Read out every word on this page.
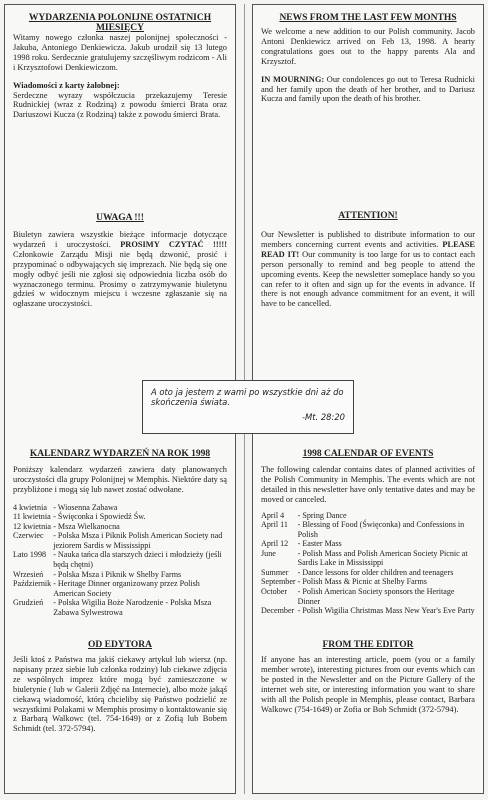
WYDARZENIA POLONIJNE OSTATNICH MIESIĘCY

Witamy nowego członka naszej polonijnej społeczności - Jakuba, Antoniego Denkiewicza. Jakub urodził się 13 lutego 1998 roku. Serdecznie gratulujemy szczęśliwym rodzicom - Ali i Krzysztofowi Denkiewiczom.

Wiadomości z karty żałobnej:

Serdeczne wyrazy współczucia przekazujemy Teresie Rudnickiej (wraz z Rodziną) z powodu śmierci Brata oraz Dariuszowi Kucza (z Rodziną) także z powodu śmierci Brata.

UWAGA !!!

Biuletyn zawiera wszystkie bieżące informacje dotyczące wydarzeń i uroczystości. PROSIMY CZYTAĆ !!!!! Członkowie Zarządu Misji nie będą dzwonić, prosić i przypominać o odbywających się imprezach. Nie będą się one mogły odbyć jeśli nie zgłosi się odpowiednia liczba osób do wyznaczonego terminu. Prosimy o zatrzymywanie biuletynu gdzieś w widocznym miejscu i wczesne zgłaszanie się na ogłaszane uroczystości.

KALENDARZ WYDARZEŃ NA ROK 1998

Poniższy kalendarz wydarzeń zawiera daty planowanych uroczystości dla grupy Polonijnej w Memphis. Niektóre daty są przybliżone i mogą się lub nawet zostać odwołane.

4 kwietnia	- Wiosenna Zabawa
11 kwietnia	- Święconka i Spowiedź Św.
12 kwietnia	- Msza Wielkanocna
Czerwiec	- Polska Msza i Piknik Polish American Society nad jeziorem Sardis w Mississippi
Lato 1998	- Nauka tańca dla starszych dzieci i młodzieży (jeśli będą chętni)
Wrzesień	- Polska Msza i Piknik w Shelby Farms
Październik	- Heritage Dinner organizowany przez Polish American Society
Grudzień	- Polska Wigilia Boże Narodzenie - Polska Msza Zabawa Sylwestrowa

OD EDYTORA

Jeśli ktoś z Państwa ma jakiś ciekawy artykuł lub wiersz (np. napisany przez siebie lub członka rodziny) lub ciekawe zdjęcia ze wspólnych imprez które mogą być zamieszczone w biuletynie ( lub w Galerii Zdjęć na Internecie), albo może jakąś ciekawą wiadomość, którą chcieliby się Państwo podzielić ze wszystkimi Polakami w Memphis prosimy o kontaktowanie się z Barbarą Walkowc (tel. 754-1649) or z Zofią lub Bobem Schmidt (tel. 372-5794).

NEWS FROM THE LAST FEW MONTHS

We welcome a new addition to our Polish community. Jacob Antoni Denkiewicz arrived on Feb 13, 1998. A hearty congratulations goes out to the happy parents Ala and Krzysztof.

IN MOURNING: Our condolences go out to Teresa Rudnicki and her family upon the death of her brother, and to Dariusz Kucza and family upon the death of his brother.

ATTENTION!

Our Newsletter is published to distribute information to our members concerning current events and activities. PLEASE READ IT! Our community is too large for us to contact each person personally to remind and beg people to attend the upcoming events. Keep the newsletter someplace handy so you can refer to it often and sign up for the events in advance. If there is not enough advance commitment for an event, it will have to be cancelled.

1998 CALENDAR OF EVENTS

The following calendar contains dates of planned activities of the Polish Community in Memphis. The events which are not detailed in this newsletter have only tentative dates and may be moved or canceled.

April 4	- Spring Dance
April 11	- Blessing of Food (Święconka) and Confessions in Polish
April 12	- Easter Mass
June	- Polish Mass and Polish American Society Picnic at Sardis Lake in Mississippi
Summer	- Dance lessons for older children and teenagers
September	- Polish Mass & Picnic at Shelby Farms
October	- Polish American Society sponsors the Heritage Dinner
December	- Polish Wigilia Christmas Mass New Year's Eve Party

FROM THE EDITOR

If anyone has an interesting article, poem (you or a family member wrote), interesting pictures from our events which can be posted in the Newsletter and on the Picture Gallery of the internet web site, or interesting information you want to share with all the Polish people in Memphis, please contact, Barbara Walkowc (754-1649) or Zofia or Bob Schmidt (372-5794).

A oto ja jestem z wami po wszystkie dni aż do skończenia świata.
-Mt. 28:20
